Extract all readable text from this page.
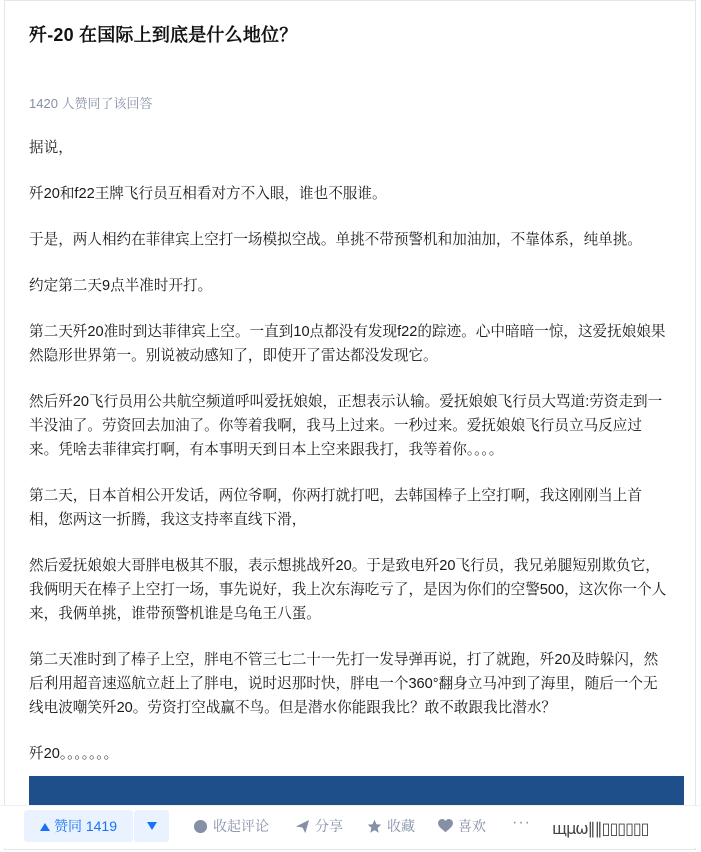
歼-20 在国际上到底是什么地位？
1420 人赞同了该回答

据说，

歼20和f22王牌飞行员互相看对方不入眼，谁也不服谁。

于是，两人相约在菲律宾上空打一场模拟空战。单挑不带预警机和加油加，不靠体系，纯单挑。

约定第二天9点半准时开打。

第二天歼20准时到达菲律宾上空。一直到10点都没有发现f22的踪迹。心中暗暗一惊，这爱抚娘娘果然隐形世界第一。别说被动感知了，即使开了雷达都没发现它。

然后歼20飞行员用公共航空频道呼叫爱抚娘娘，正想表示认输。爱抚娘娘飞行员大骂道:劳资走到一半没油了。劳资回去加油了。你等着我啊，我马上过来。一秒过来。爱抚娘娘飞行员立马反应过来。凭啥去菲律宾打啊，有本事明天到日本上空来跟我打，我等着你。。。。

第二天，日本首相公开发话，两位爷啊，你两打就打吧，去韩国棒子上空打啊，我这刚刚当上首相，您两这一折腾，我这支持率直线下滑，

然后爱抚娘娘大哥胖电极其不服，表示想挑战歼20。于是致电歼20飞行员，我兄弟腿短别欺负它，我俩明天在棒子上空打一场，事先说好，我上次东海吃亏了，是因为你们的空警500，这次你一个人来，我俩单挑，谁带预警机谁是乌龟王八蛋。

第二天准时到了棒子上空，胖电不管三七二十一先打一发导弹再说，打了就跑，歼20及時躲闪，然后利用超音速巡航立赶上了胖电，说时迟那时快，胖电一个360°翻身立马冲到了海里，随后一个无线电波嘲笑歼20。劳资打空战赢不鸟。但是潜水你能跟我比？敢不敢跟我比潜水？

歼20。。。。。。。

赞同 1419	收起评论	分享	收藏	喜欢 ··· щµω∥∥▯▯▯▯▯▯
